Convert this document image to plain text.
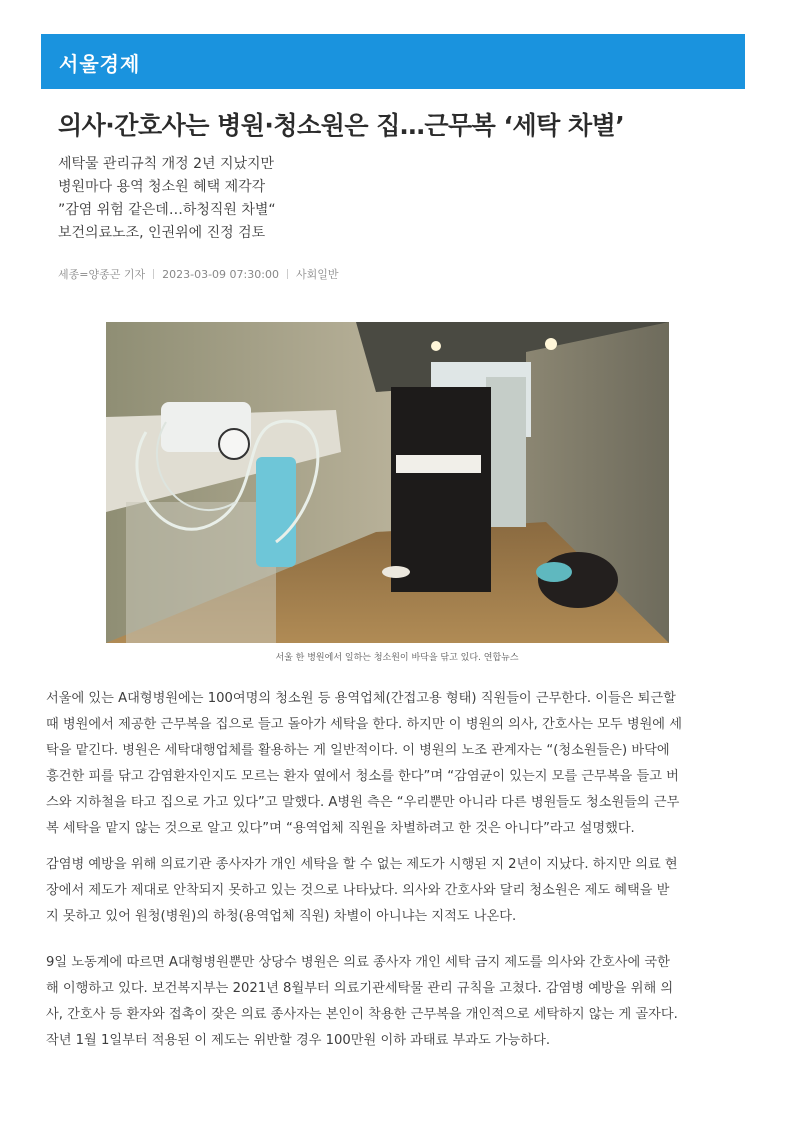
서울경제
의사·간호사는 병원·청소원은 집…근무복 ‘세탁 차별’
세탁물 관리규칙 개정 2년 지났지만
병원마다 용역 청소원 혜택 제각각
”감염 위험 같은데…하청직원 차별“
보건의료노조, 인권위에 진정 검토
세종=양종곤 기자 2023-03-09 07:30:00 사회일반
서울 한 병원에서 일하는 청소원이 바닥을 닦고 있다. 연합뉴스
서울에 있는 A대형병원에는 100여명의 청소원 등 용역업체(간접고용 형태) 직원들이 근무한다. 이들은 퇴근할
때 병원에서 제공한 근무복을 집으로 들고 돌아가 세탁을 한다. 하지만 이 병원의 의사, 간호사는 모두 병원에 세
탁을 맡긴다. 병원은 세탁대행업체를 활용하는 게 일반적이다. 이 병원의 노조 관계자는 “(청소원들은) 바닥에
흥건한 피를 닦고 감염환자인지도 모르는 환자 옆에서 청소를 한다”며 “감염균이 있는지 모를 근무복을 들고 버
스와 지하철을 타고 집으로 가고 있다”고 말했다. A병원 측은 “우리뿐만 아니라 다른 병원들도 청소원들의 근무
복 세탁을 맡지 않는 것으로 알고 있다”며 “용역업체 직원을 차별하려고 한 것은 아니다”라고 설명했다.
감염병 예방을 위해 의료기관 종사자가 개인 세탁을 할 수 없는 제도가 시행된 지 2년이 지났다. 하지만 의료 현
장에서 제도가 제대로 안착되지 못하고 있는 것으로 나타났다. 의사와 간호사와 달리 청소원은 제도 혜택을 받
지 못하고 있어 원청(병원)의 하청(용역업체 직원) 차별이 아니냐는 지적도 나온다.
9일 노동계에 따르면 A대형병원뿐만 상당수 병원은 의료 종사자 개인 세탁 금지 제도를 의사와 간호사에 국한
해 이행하고 있다. 보건복지부는 2021년 8월부터 의료기관세탁물 관리 규칙을 고쳤다. 감염병 예방을 위해 의
사, 간호사 등 환자와 접촉이 잦은 의료 종사자는 본인이 착용한 근무복을 개인적으로 세탁하지 않는 게 골자다.
작년 1월 1일부터 적용된 이 제도는 위반할 경우 100만원 이하 과태료 부과도 가능하다.
